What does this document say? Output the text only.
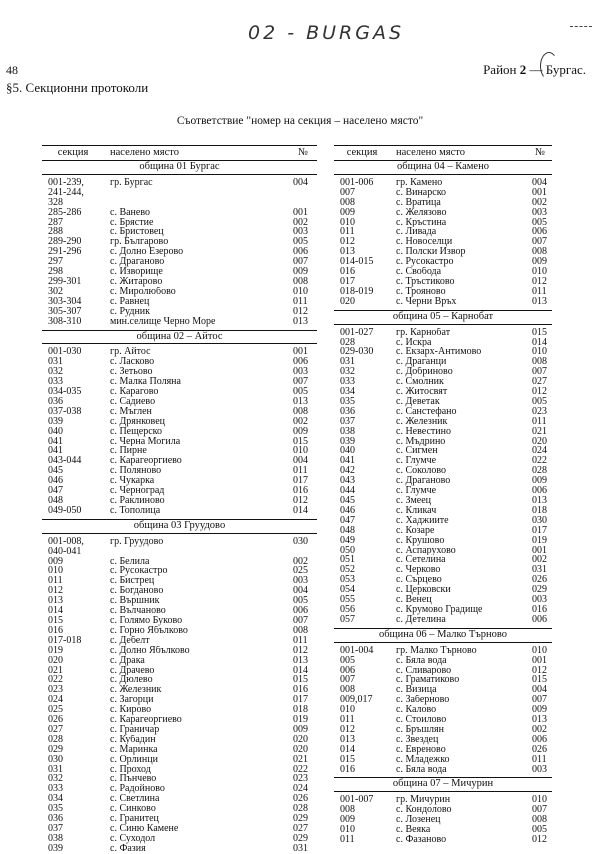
02 - BURGAS
48	Район 2 — Бургас.
§5. Секционни протоколи
Съответствие "номер на секция – населено място"
секция	населено място	№
община 01 Бургас
001-239,	гр. Бургас	004
241-244,
328
285-286	с. Ванево	001
287	с. Брястие	002
288	с. Бристовец	003
289-290	гр. Българово	005
291-296	с. Долно Езерово	006
297	с. Драганово	007
298	с. Изворище	009
299-301	с. Житарово	008
302	с. Миролюбово	010
303-304	с. Равнец	011
305-307	с. Рудник	012
308-310	мин.селище Черно Море	013
община 02 – Айтос
001-030	гр. Айтос	001
031	с. Ласково	006
032	с. Зетьово	003
033	с. Малка Поляна	007
034-035	с. Карагово	005
036	с. Садиево	013
037-038	с. Мъглен	008
039	с. Дрянковец	002
040	с. Пещерско	009
041	с. Черна Могила	015
041	с. Пирне	010
043-044	с. Карагеоргиево	004
045	с. Поляново	011
046	с. Чукарка	017
047	с. Черноград	016
048	с. Раклиново	012
049-050	с. Тополица	014
община 03 Груудово
001-008,	гр. Груудово	030
040-041
009	с. Белила	002
010	с. Русокастро	025
011	с. Бистрец	003
012	с. Богданово	004
013	с. Вършник	005
014	с. Вълчаново	006
015	с. Голямо Буково	007
016	с. Горно Ябълково	008
017-018	с. Дебелт	011
019	с. Долно Ябълково	012
020	с. Драка	013
021	с. Драчево	014
022	с. Дюлево	015
023	с. Железник	016
024	с. Загорци	017
025	с. Кирово	018
026	с. Карагеоргиево	019
027	с. Граничар	009
028	с. Кубадин	020
029	с. Маринка	020
030	с. Орлинци	021
031	с. Проход	022
032	с. Пънчево	023
033	с. Радойново	024
034	с. Светлина	026
035	с. Синково	028
036	с. Гранитец	029
037	с. Синю Камене	027
038	с. Суходол	029
039	с. Фазия	031
секция	населено място	№
община 04 – Камено
001-006	гр. Камено	004
007	с. Винарско	001
008	с. Вратица	002
009	с. Желязово	003
010	с. Кръстина	005
011	с. Ливада	006
012	с. Новоселци	007
013	с. Полски Извор	008
014-015	с. Русокастро	009
016	с. Свобода	010
017	с. Тръстиково	012
018-019	с. Трояново	011
020	с. Черни Връх	013
община 05 – Карнобат
001-027	гр. Карнобат	015
028	с. Искра	014
029-030	с. Екзарх-Антимово	010
031	с. Драганци	008
032	с. Добриново	007
033	с. Смолник	027
034	с. Житосвят	012
035	с. Деветак	005
036	с. Санстефано	023
037	с. Железник	011
038	с. Невестино	021
039	с. Мъдрино	020
040	с. Сигмен	024
041	с. Глумче	022
042	с. Соколово	028
043	с. Драганово	009
044	с. Глумче	006
045	с. Змеец	013
046	с. Кликач	018
047	с. Хаджиите	030
048	с. Козаре	017
049	с. Крушово	019
050	с. Аспарухово	001
051	с. Сетелина	002
052	с. Черково	031
053	с. Сърцево	026
054	с. Церковски	029
055	с. Венец	003
056	с. Крумово Градище	016
057	с. Детелина	006
община 06 – Малко Търново
001-004	гр. Малко Търново	010
005	с. Бяла вода	001
006	с. Сливарово	012
007	с. Граматиково	015
008	с. Визица	004
009,017	с. Заберново	007
010	с. Калово	009
011	с. Стоилово	013
012	с. Бръшлян	002
013	с. Звездец	006
014	с. Евреново	026
015	с. Младежко	011
016	с. Бяла вода	003
община 07 – Мичурин
001-007	гр. Мичурин	010
008	с. Кондолово	007
009	с. Лозенец	008
010	с. Веяка	005
011	с. Фазаново	012
